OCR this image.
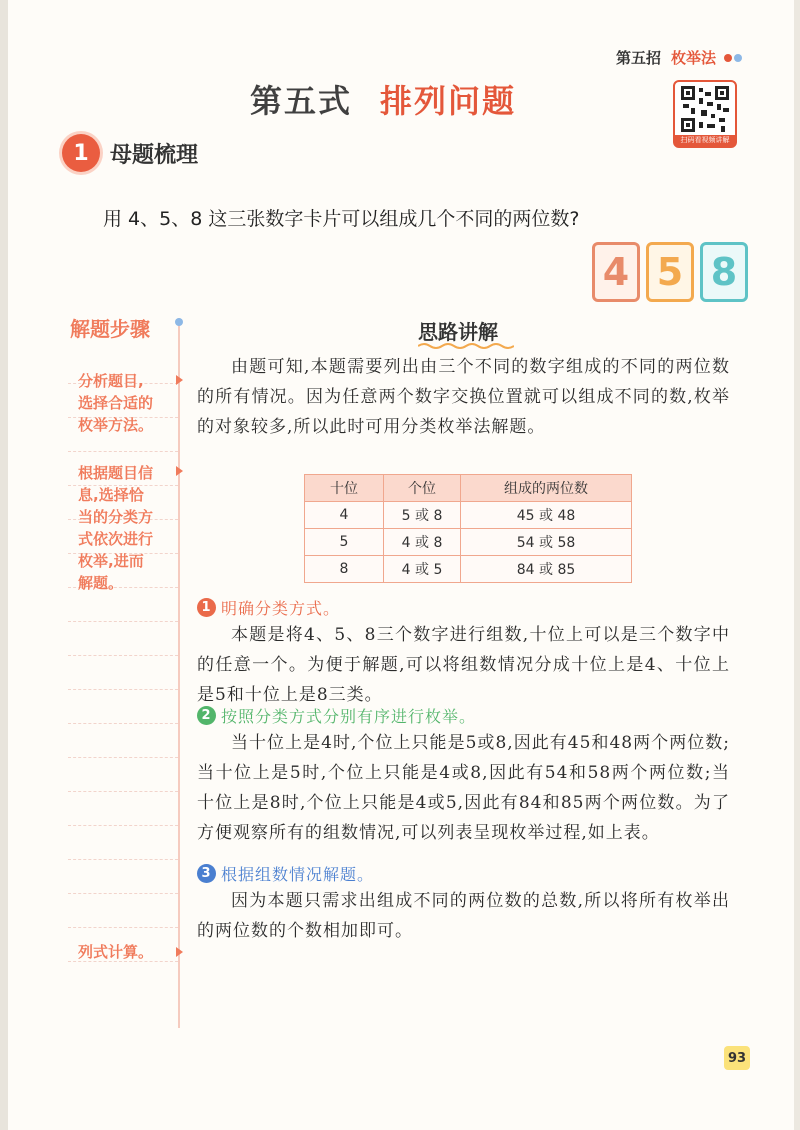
第五招 枚举法
第五式 排列问题
扫码看视频讲解
1 母题梳理
用 4、5、8 这三张数字卡片可以组成几个不同的两位数?
4 5 8
解题步骤
分析题目,
选择合适的
枚举方法。
根据题目信
息,选择恰
当的分类方
式依次进行
枚举,进而
解题。
列式计算。
思路讲解
由题可知,本题需要列出由三个不同的数字组成的不同的两位数的所有情况。因为任意两个数字交换位置就可以组成不同的数,枚举的对象较多,所以此时可用分类枚举法解题。
十位	个位	组成的两位数
4	5 或 8	45 或 48
5	4 或 8	54 或 58
8	4 或 5	84 或 85
1 明确分类方式。
本题是将4、5、8三个数字进行组数,十位上可以是三个数字中的任意一个。为便于解题,可以将组数情况分成十位上是4、十位上是5和十位上是8三类。
2 按照分类方式分别有序进行枚举。
当十位上是4时,个位上只能是5或8,因此有45和48两个两位数;当十位上是5时,个位上只能是4或8,因此有54和58两个两位数;当十位上是8时,个位上只能是4或5,因此有84和85两个两位数。为了方便观察所有的组数情况,可以列表呈现枚举过程,如上表。
3 根据组数情况解题。
因为本题只需求出组成不同的两位数的总数,所以将所有枚举出的两位数的个数相加即可。
93
